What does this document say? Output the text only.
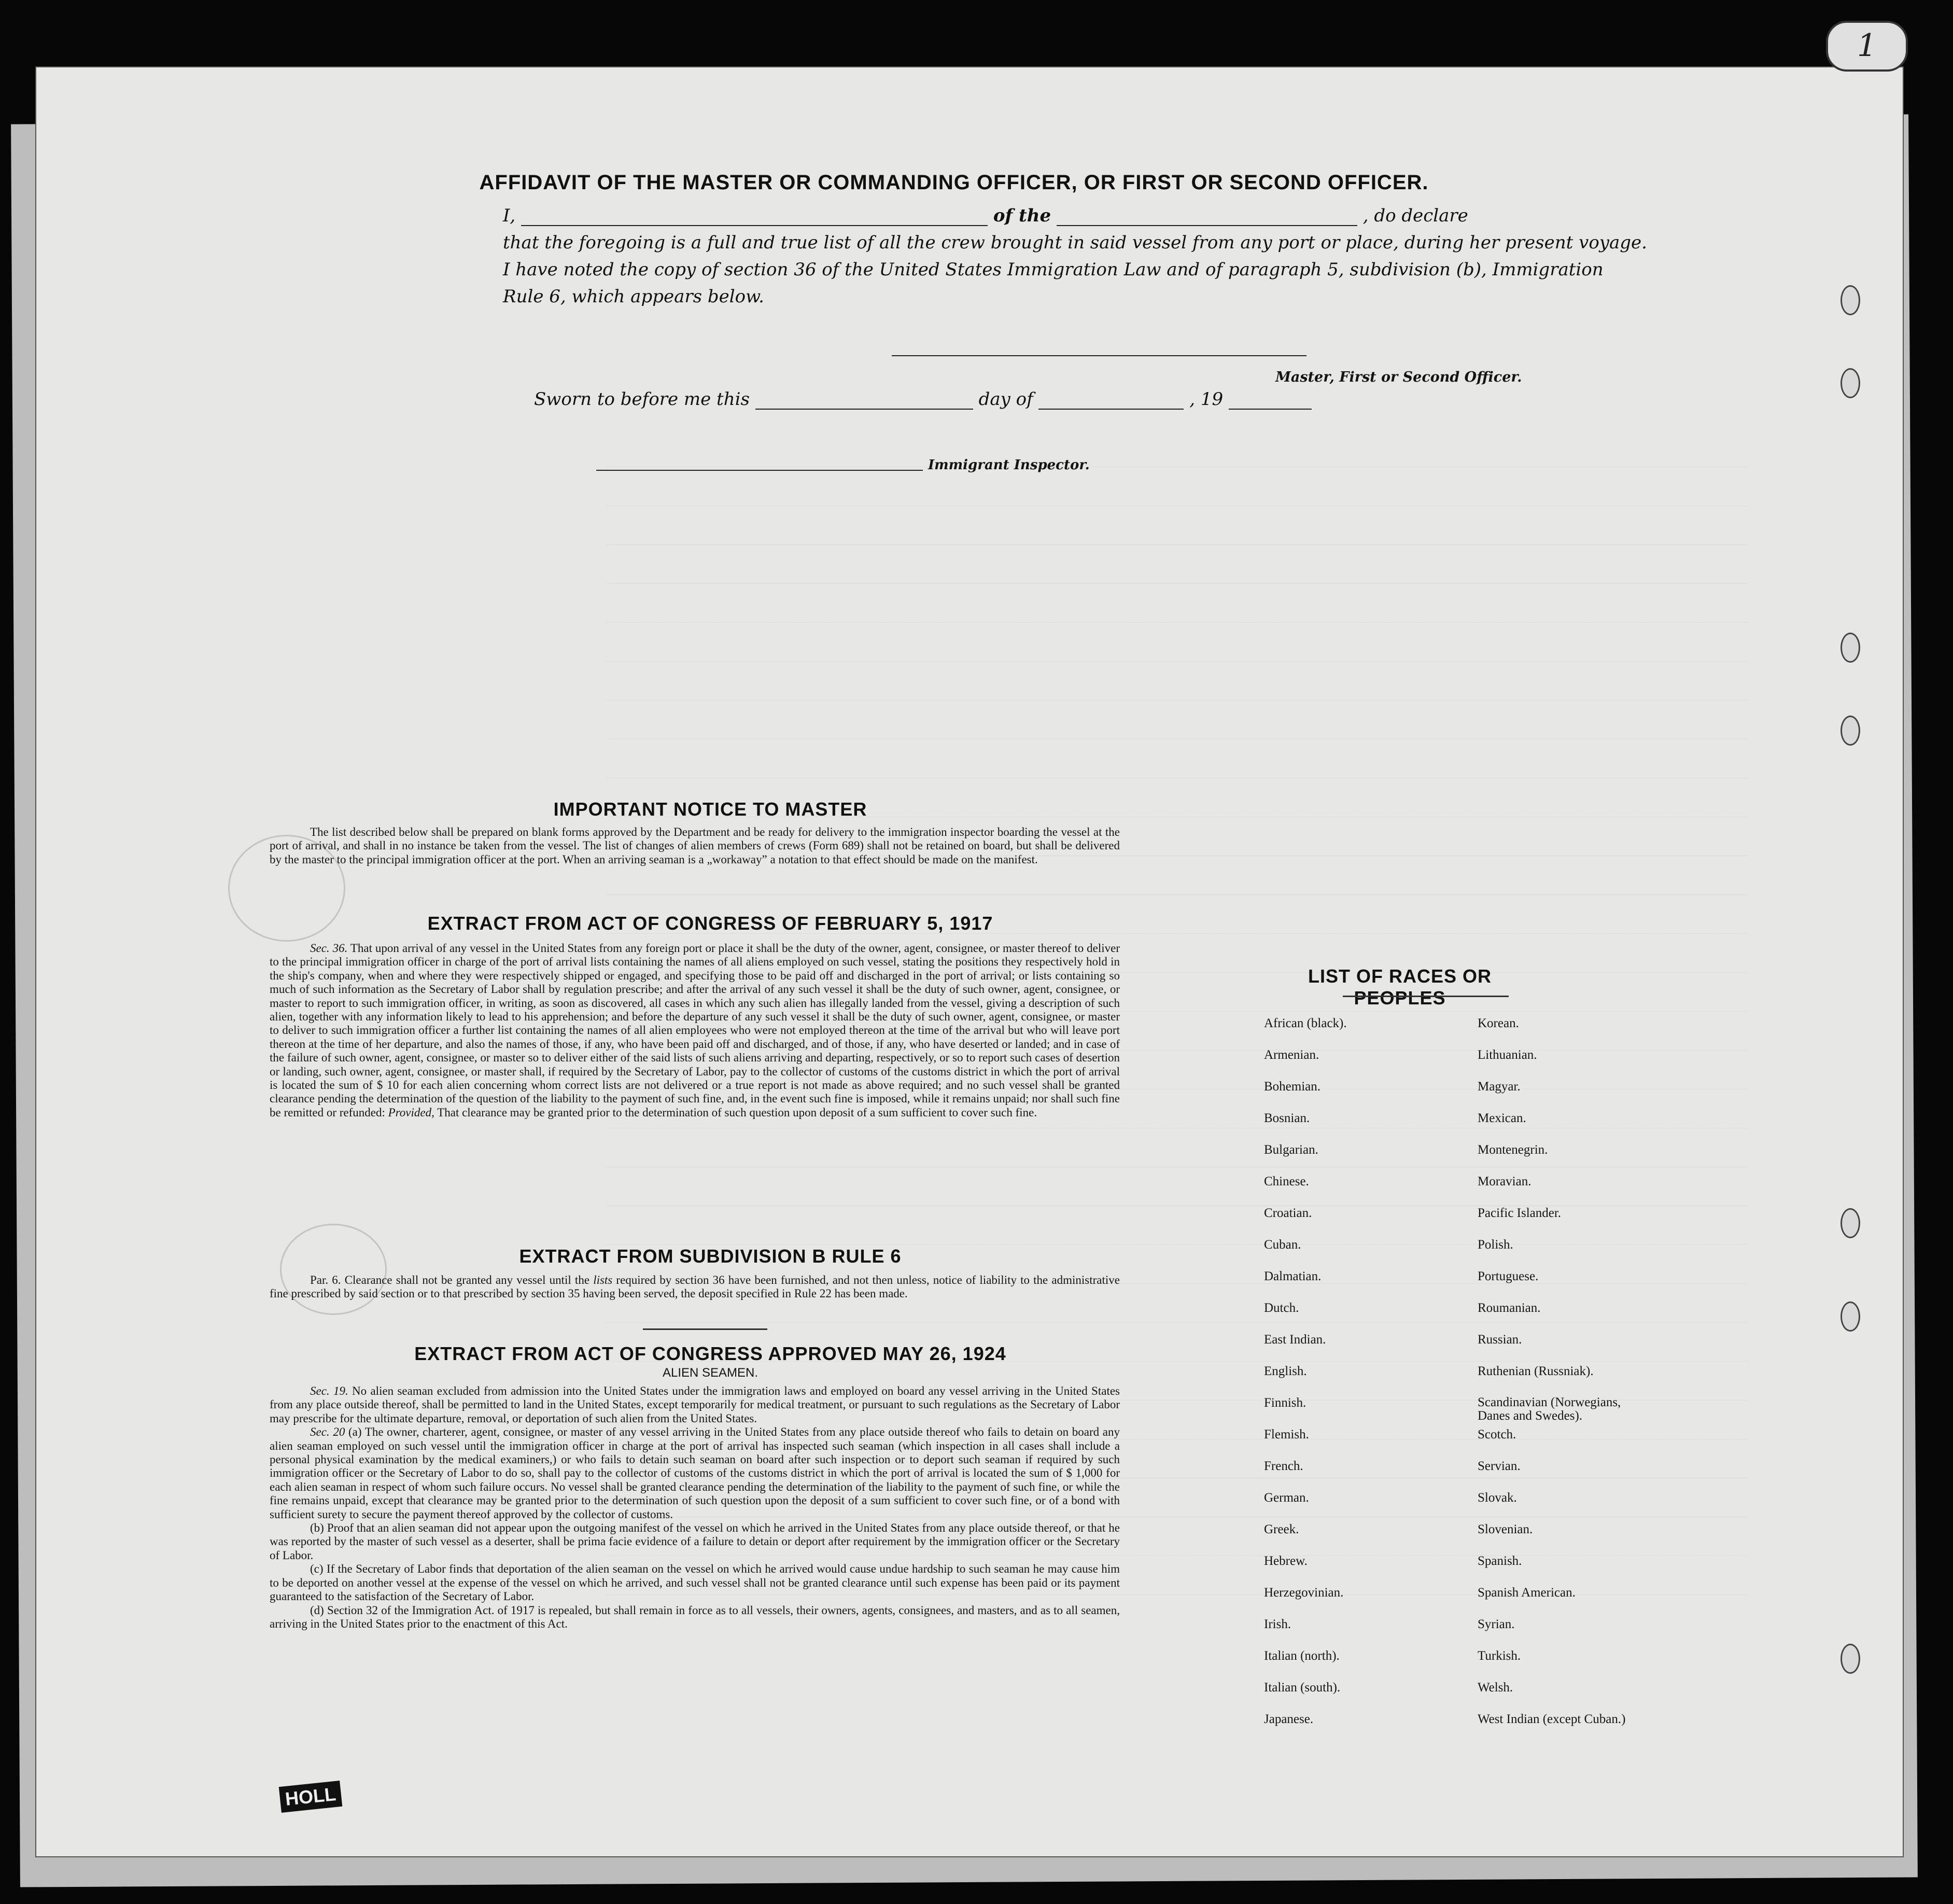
AFFIDAVIT OF THE MASTER OR COMMANDING OFFICER, OR FIRST OR SECOND OFFICER.
I,	of the	, do declare
that the foregoing is a full and true list of all the crew brought in said vessel from any port or place, during her present voyage.
I have noted the copy of section 36 of the United States Immigration Law and of paragraph 5, subdivision (b), Immigration
Rule 6, which appears below.
Master, First or Second Officer.
Sworn to before me this	day of	, 19
Immigrant Inspector.
IMPORTANT NOTICE TO MASTER

The list described below shall be prepared on blank forms approved by the Department and be ready for delivery to the immigration inspector boarding the vessel at the port of arrival, and shall in no instance be taken from the vessel. The list of changes of alien members of crews (Form 689) shall not be retained on board, but shall be delivered by the master to the principal immigration officer at the port. When an arriving seaman is a „workaway” a notation to that effect should be made on the manifest.

EXTRACT FROM ACT OF CONGRESS OF FEBRUARY 5, 1917

Sec. 36. That upon arrival of any vessel in the United States from any foreign port or place it shall be the duty of the owner, agent, consignee, or master thereof to deliver to the principal immigration officer in charge of the port of arrival lists containing the names of all aliens employed on such vessel, stating the positions they respectively hold in the ship's company, when and where they were respectively shipped or engaged, and specifying those to be paid off and discharged in the port of arrival; or lists containing so much of such information as the Secretary of Labor shall by regulation prescribe; and after the arrival of any such vessel it shall be the duty of such owner, agent, consignee, or master to report to such immigration officer, in writing, as soon as discovered, all cases in which any such alien has illegally landed from the vessel, giving a description of such alien, together with any information likely to lead to his apprehension; and before the departure of any such vessel it shall be the duty of such owner, agent, consignee, or master to deliver to such immigration officer a further list containing the names of all alien employees who were not employed thereon at the time of the arrival but who will leave port thereon at the time of her departure, and also the names of those, if any, who have been paid off and discharged, and of those, if any, who have deserted or landed; and in case of the failure of such owner, agent, consignee, or master so to deliver either of the said lists of such aliens arriving and departing, respectively, or so to report such cases of desertion or landing, such owner, agent, consignee, or master shall, if required by the Secretary of Labor, pay to the collector of customs of the customs district in which the port of arrival is located the sum of $ 10 for each alien concerning whom correct lists are not delivered or a true report is not made as above required; and no such vessel shall be granted clearance pending the determination of the question of the liability to the payment of such fine, and, in the event such fine is imposed, while it remains unpaid; nor shall such fine be remitted or refunded: Provided, That clearance may be granted prior to the determination of such question upon deposit of a sum sufficient to cover such fine.

EXTRACT FROM SUBDIVISION B RULE 6

Par. 6. Clearance shall not be granted any vessel until the lists required by section 36 have been furnished, and not then unless, notice of liability to the administrative fine prescribed by said section or to that prescribed by section 35 having been served, the deposit specified in Rule 22 has been made.

EXTRACT FROM ACT OF CONGRESS APPROVED MAY 26, 1924
ALIEN SEAMEN.

Sec. 19. No alien seaman excluded from admission into the United States under the immigration laws and employed on board any vessel arriving in the United States from any place outside thereof, shall be permitted to land in the United States, except temporarily for medical treatment, or pursuant to such regulations as the Secretary of Labor may prescribe for the ultimate departure, removal, or deportation of such alien from the United States.

Sec. 20 (a) The owner, charterer, agent, consignee, or master of any vessel arriving in the United States from any place outside thereof who fails to detain on board any alien seaman employed on such vessel until the immigration officer in charge at the port of arrival has inspected such seaman (which inspection in all cases shall include a personal physical examination by the medical examiners,) or who fails to detain such seaman on board after such inspection or to deport such seaman if required by such immigration officer or the Secretary of Labor to do so, shall pay to the collector of customs of the customs district in which the port of arrival is located the sum of $ 1,000 for each alien seaman in respect of whom such failure occurs. No vessel shall be granted clearance pending the determination of the liability to the payment of such fine, or while the fine remains unpaid, except that clearance may be granted prior to the determination of such question upon the deposit of a sum sufficient to cover such fine, or of a bond with sufficient surety to secure the payment thereof approved by the collector of customs.

(b) Proof that an alien seaman did not appear upon the outgoing manifest of the vessel on which he arrived in the United States from any place outside thereof, or that he was reported by the master of such vessel as a deserter, shall be prima facie evidence of a failure to detain or deport after requirement by the immigration officer or the Secretary of Labor.

(c) If the Secretary of Labor finds that deportation of the alien seaman on the vessel on which he arrived would cause undue hardship to such seaman he may cause him to be deported on another vessel at the expense of the vessel on which he arrived, and such vessel shall not be granted clearance until such expense has been paid or its payment guaranteed to the satisfaction of the Secretary of Labor.

(d) Section 32 of the Immigration Act. of 1917 is repealed, but shall remain in force as to all vessels, their owners, agents, consignees, and masters, and as to all seamen, arriving in the United States prior to the enactment of this Act.

LIST OF RACES OR PEOPLES
African (black).
Armenian.
Bohemian.
Bosnian.
Bulgarian.
Chinese.
Croatian.
Cuban.
Dalmatian.
Dutch.
East Indian.
English.
Finnish.
Flemish.
French.
German.
Greek.
Hebrew.
Herzegovinian.
Irish.
Italian (north).
Italian (south).
Japanese.
Korean.
Lithuanian.
Magyar.
Mexican.
Montenegrin.
Moravian.
Pacific Islander.
Polish.
Portuguese.
Roumanian.
Russian.
Ruthenian (Russniak).
Scandinavian (Norwegians, Danes and Swedes).
Scotch.
Servian.
Slovak.
Slovenian.
Spanish.
Spanish American.
Syrian.
Turkish.
Welsh.
West Indian (except Cuban.)
1
HOLL
